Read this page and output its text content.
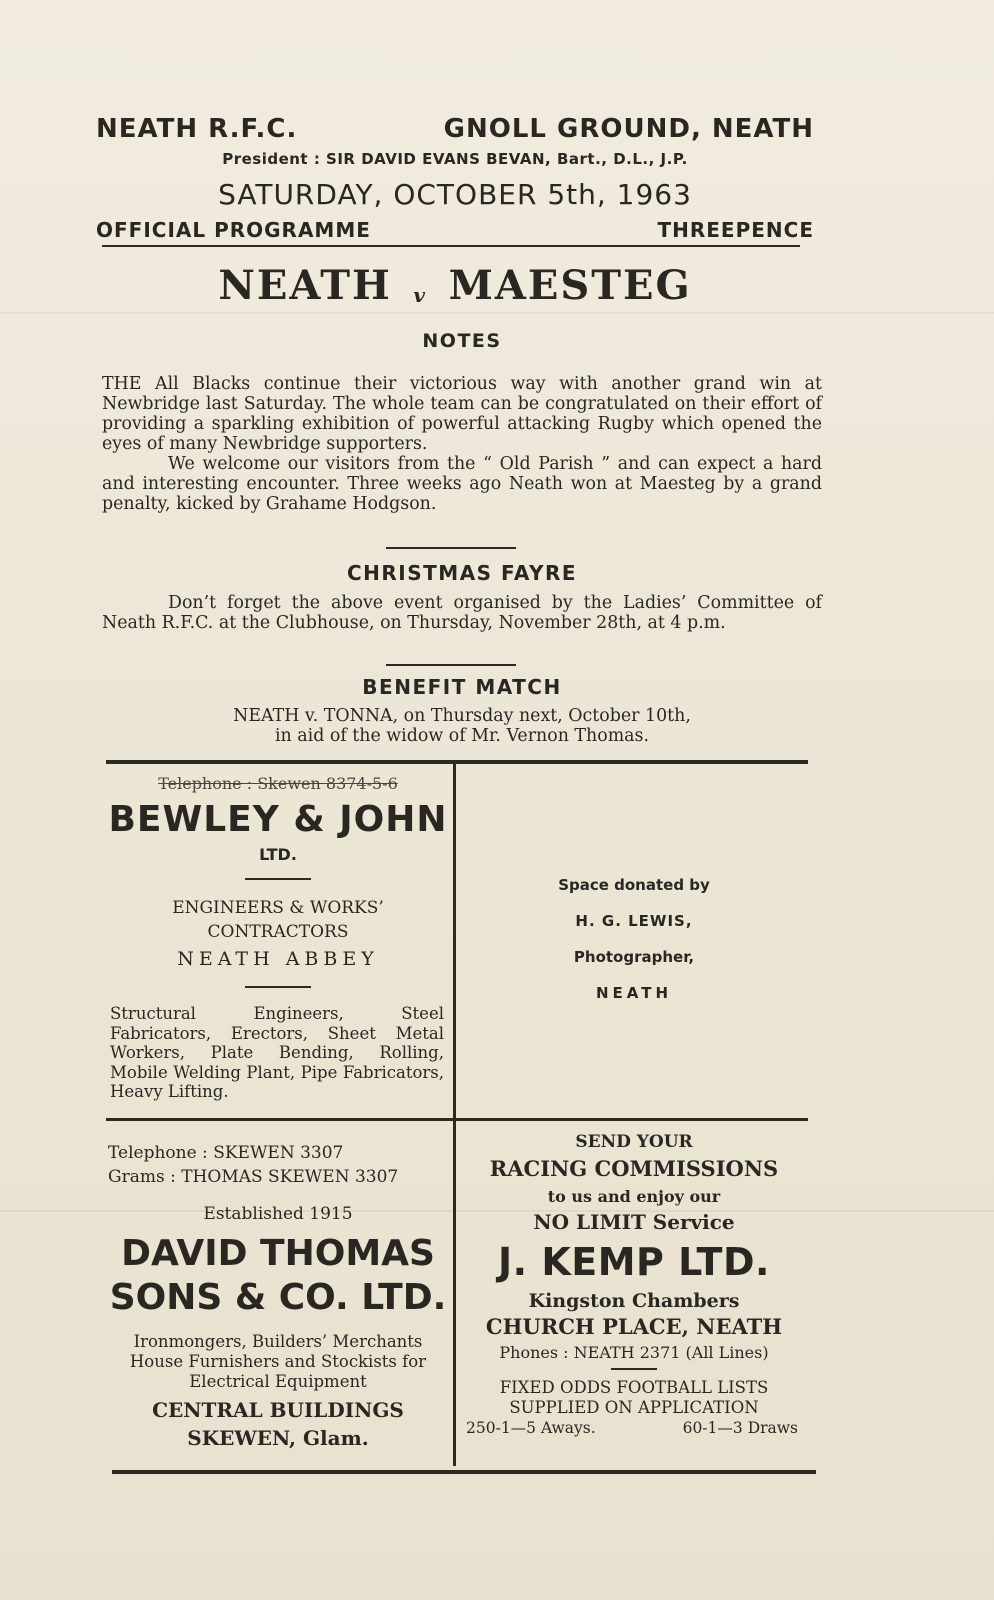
NEATH R.F.C.	GNOLL GROUND, NEATH
President : SIR DAVID EVANS BEVAN, Bart., D.L., J.P.
SATURDAY, OCTOBER 5th, 1963
OFFICIAL PROGRAMME	THREEPENCE
NEATH v MAESTEG
NOTES

THE All Blacks continue their victorious way with another grand win at Newbridge last Saturday. The whole team can be congratulated on their effort of providing a sparkling exhibition of powerful attacking Rugby which opened the eyes of many Newbridge supporters.

We welcome our visitors from the “ Old Parish ” and can expect a hard and interesting encounter. Three weeks ago Neath won at Maesteg by a grand penalty, kicked by Grahame Hodgson.

CHRISTMAS FAYRE

Don’t forget the above event organised by the Ladies’ Committee of Neath R.F.C. at the Clubhouse, on Thursday, November 28th, at 4 p.m.

BENEFIT MATCH
NEATH v. TONNA, on Thursday next, October 10th,
in aid of the widow of Mr. Vernon Thomas.
Telephone : Skewen 8374-5-6
BEWLEY & JOHN
LTD.
ENGINEERS & WORKS’
CONTRACTORS
NEATH ABBEY
Structural Engineers, Steel Fabricators, Erectors, Sheet Metal Workers, Plate Bending, Rolling, Mobile Welding Plant, Pipe Fabricators, Heavy Lifting.
Space donated by
H. G. LEWIS,
Photographer,
NEATH
Telephone : SKEWEN 3307
Grams : THOMAS SKEWEN 3307
Established 1915
DAVID THOMAS
SONS & CO. LTD.
Ironmongers, Builders’ Merchants
House Furnishers and Stockists for
Electrical Equipment
CENTRAL BUILDINGS
SKEWEN, Glam.
SEND YOUR
RACING COMMISSIONS
to us and enjoy our
NO LIMIT Service
J. KEMP LTD.
Kingston Chambers
CHURCH PLACE, NEATH
Phones : NEATH 2371 (All Lines)
FIXED ODDS FOOTBALL LISTS
SUPPLIED ON APPLICATION
250-1—5 Aways.	60-1—3 Draws
